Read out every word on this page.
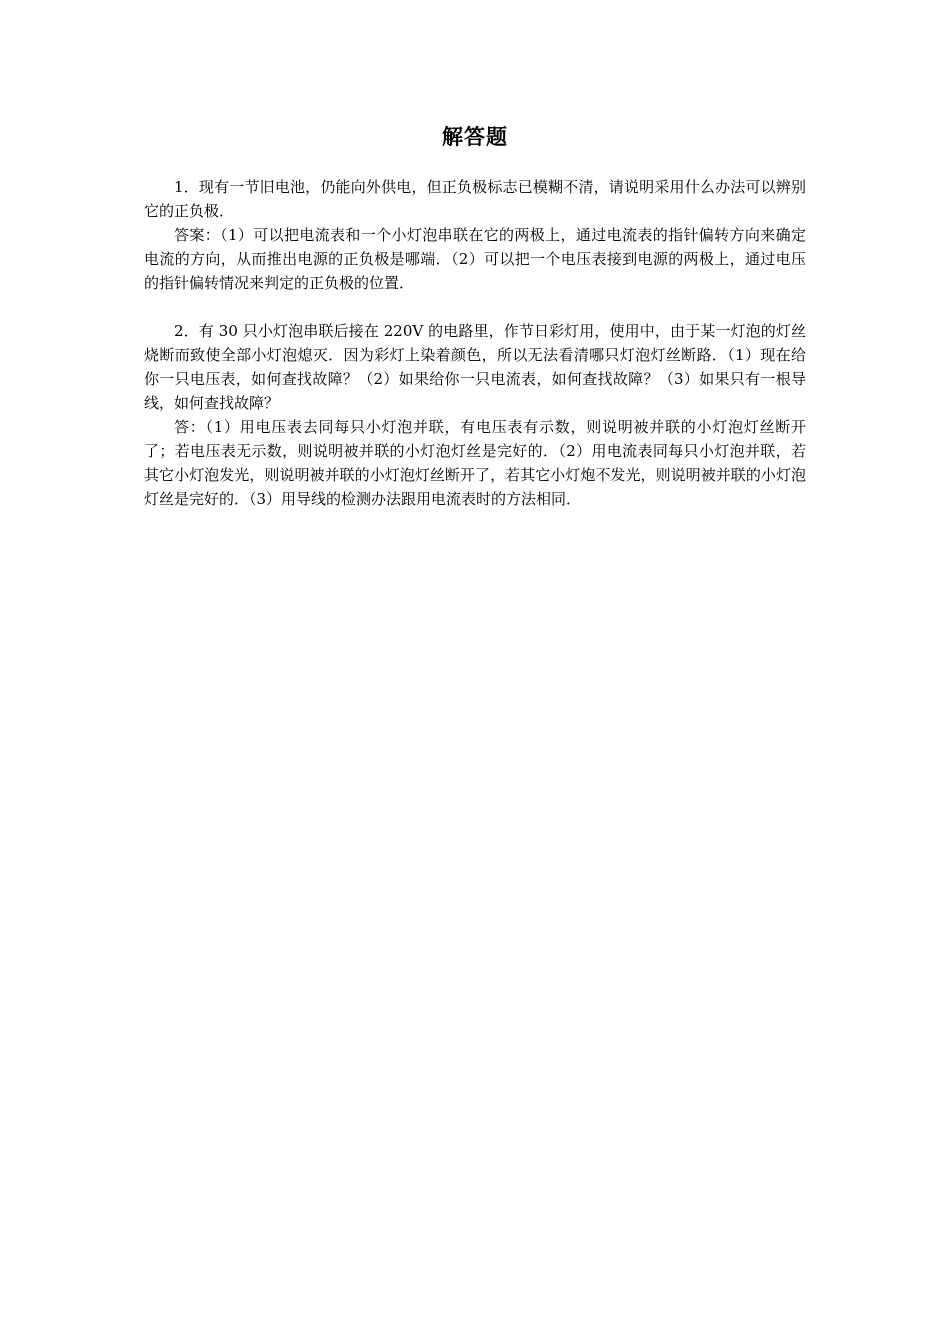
解答题

1．现有一节旧电池，仍能向外供电，但正负极标志已模糊不清，请说明采用什么办法可以辨别它的正负极．

答案：（1）可以把电流表和一个小灯泡串联在它的两极上，通过电流表的指针偏转方向来确定电流的方向，从而推出电源的正负极是哪端．（2）可以把一个电压表接到电源的两极上，通过电压的指针偏转情况来判定的正负极的位置．

2．有 30 只小灯泡串联后接在 220V 的电路里，作节日彩灯用，使用中，由于某一灯泡的灯丝烧断而致使全部小灯泡熄灭．因为彩灯上染着颜色，所以无法看清哪只灯泡灯丝断路．（1）现在给你一只电压表，如何查找故障？（2）如果给你一只电流表，如何查找故障？（3）如果只有一根导线，如何查找故障？

答：（1）用电压表去同每只小灯泡并联，有电压表有示数，则说明被并联的小灯泡灯丝断开了；若电压表无示数，则说明被并联的小灯泡灯丝是完好的．（2）用电流表同每只小灯泡并联，若其它小灯泡发光，则说明被并联的小灯泡灯丝断开了，若其它小灯炮不发光，则说明被并联的小灯泡灯丝是完好的．（3）用导线的检测办法跟用电流表时的方法相同．
